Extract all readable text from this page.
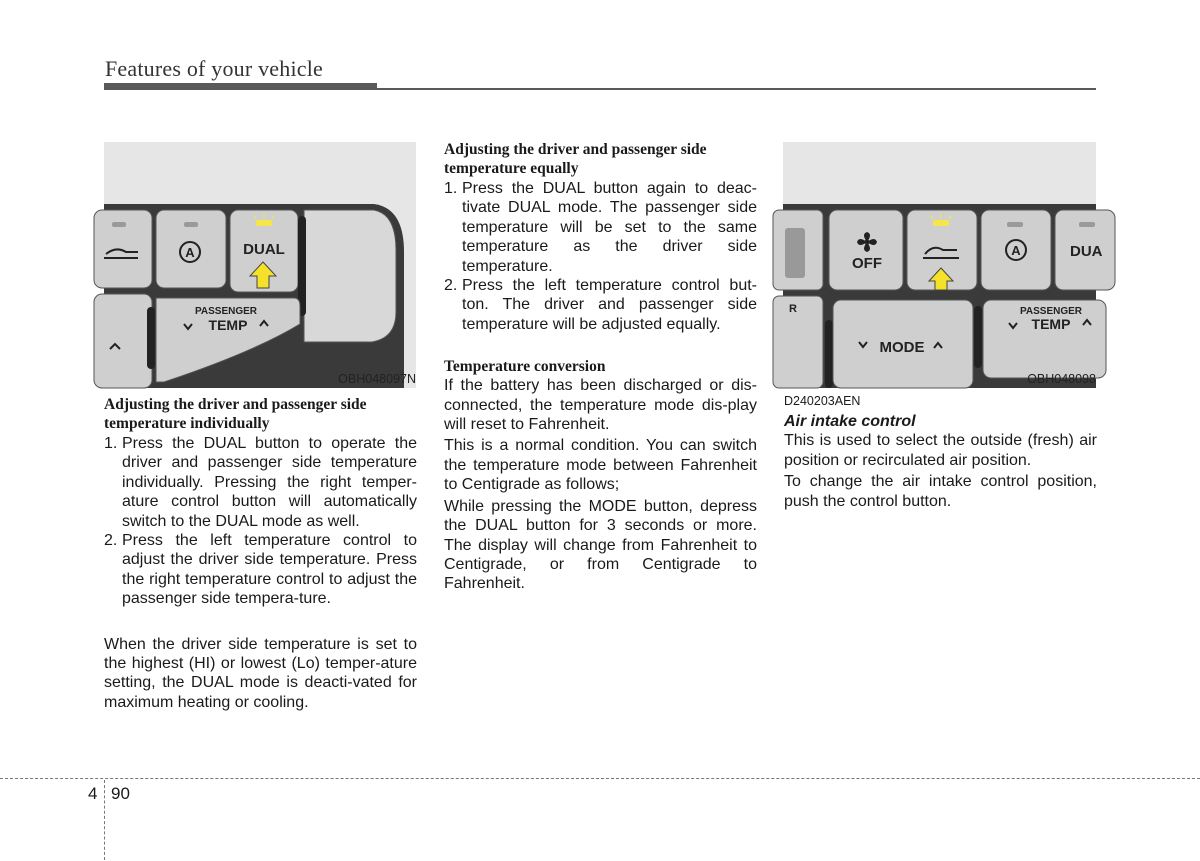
Features of your vehicle
A	DUAL
PASSENGER
TEMP
OBH048097N

Adjusting the driver and passenger side temperature individually

1. Press the DUAL button to operate the driver and passenger side temperature individually. Pressing the right temper-ature control button will automatically switch to the DUAL mode as well.
2. Press the left temperature control to adjust the driver side temperature. Press the right temperature control to adjust the passenger side tempera-ture.

When the driver side temperature is set to the highest (HI) or lowest (Lo) temper-ature setting, the DUAL mode is deacti-vated for maximum heating or cooling.

Adjusting the driver and passenger side temperature equally

1. Press the DUAL button again to deac-tivate DUAL mode. The passenger side temperature will be set to the same temperature as the driver side temperature.
2. Press the left temperature control but-ton. The driver and passenger side temperature will be adjusted equally.

Temperature conversion

If the battery has been discharged or dis-connected, the temperature mode dis-play will reset to Fahrenheit.

This is a normal condition. You can switch the temperature mode between Fahrenheit to Centigrade as follows;

While pressing the MODE button, depress the DUAL button for 3 seconds or more. The display will change from Fahrenheit to Centigrade, or from Centigrade to Fahrenheit.

OFF
A	DUA
R
MODE
PASSENGER
TEMP
OBH048098

D240203AEN

Air intake control

This is used to select the outside (fresh) air position or recirculated air position.

To change the air intake control position, push the control button.

4 90
